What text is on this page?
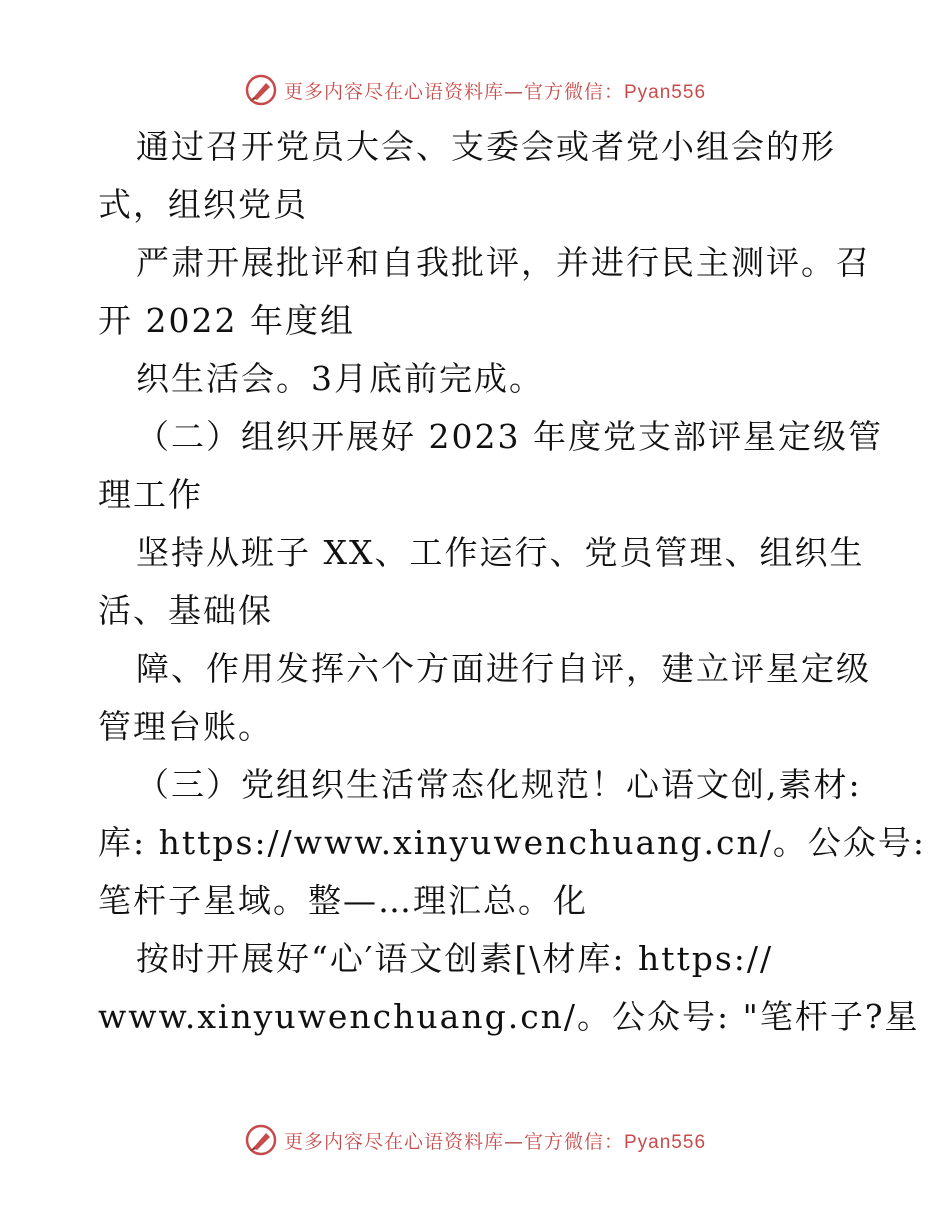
更多内容尽在心语资料库—官方微信：Pyan556
通过召开党员大会、支委会或者党小组会的形
式，组织党员
严肃开展批评和自我批评，并进行民主测评。召
开 2022 年度组
织生活会。3月底前完成。
（二）组织开展好 2023 年度党支部评星定级管
理工作
坚持从班子 XX、工作运行、党员管理、组织生
活、基础保
障、作用发挥六个方面进行自评，建立评星定级
管理台账。
（三）党组织生活常态化规范！心语文创,素材:
库: https://www.xinyuwenchuang.cn/。公众号:
笔杆子星域。整—…理汇总。化
按时开展好“心′语文创素[\材库: https://
www.xinyuwenchuang.cn/。公众号: "笔杆子?星
更多内容尽在心语资料库—官方微信：Pyan556
